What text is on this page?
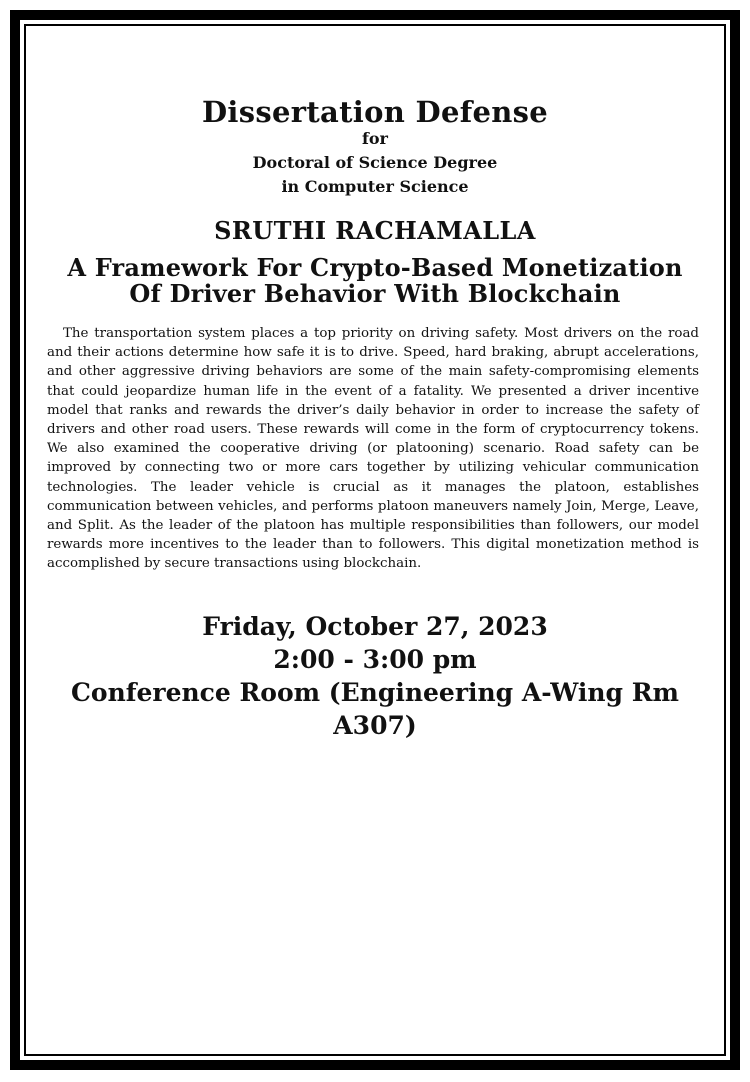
Dissertation Defense
for
Doctoral of Science Degree
in Computer Science
SRUTHI RACHAMALLA
A Framework For Crypto-Based Monetization
Of Driver Behavior With Blockchain
The transportation system places a top priority on driving safety. Most drivers on the road and their actions determine how safe it is to drive. Speed, hard braking, abrupt accelerations, and other aggressive driving behaviors are some of the main safety-compromising elements that could jeopardize human life in the event of a fatality. We presented a driver incentive model that ranks and rewards the driver’s daily behavior in order to increase the safety of drivers and other road users. These rewards will come in the form of cryptocurrency tokens. We also examined the cooperative driving (or platooning) scenario. Road safety can be improved by connecting two or more cars together by utilizing vehicular communication technologies. The leader vehicle is crucial as it manages the platoon, establishes communication between vehicles, and performs platoon maneuvers namely Join, Merge, Leave, and Split. As the leader of the platoon has multiple responsibilities than followers, our model rewards more incentives to the leader than to followers. This digital monetization method is accomplished by secure transactions using blockchain.
Friday, October 27, 2023
2:00 - 3:00 pm
Conference Room (Engineering A-Wing Rm A307)
